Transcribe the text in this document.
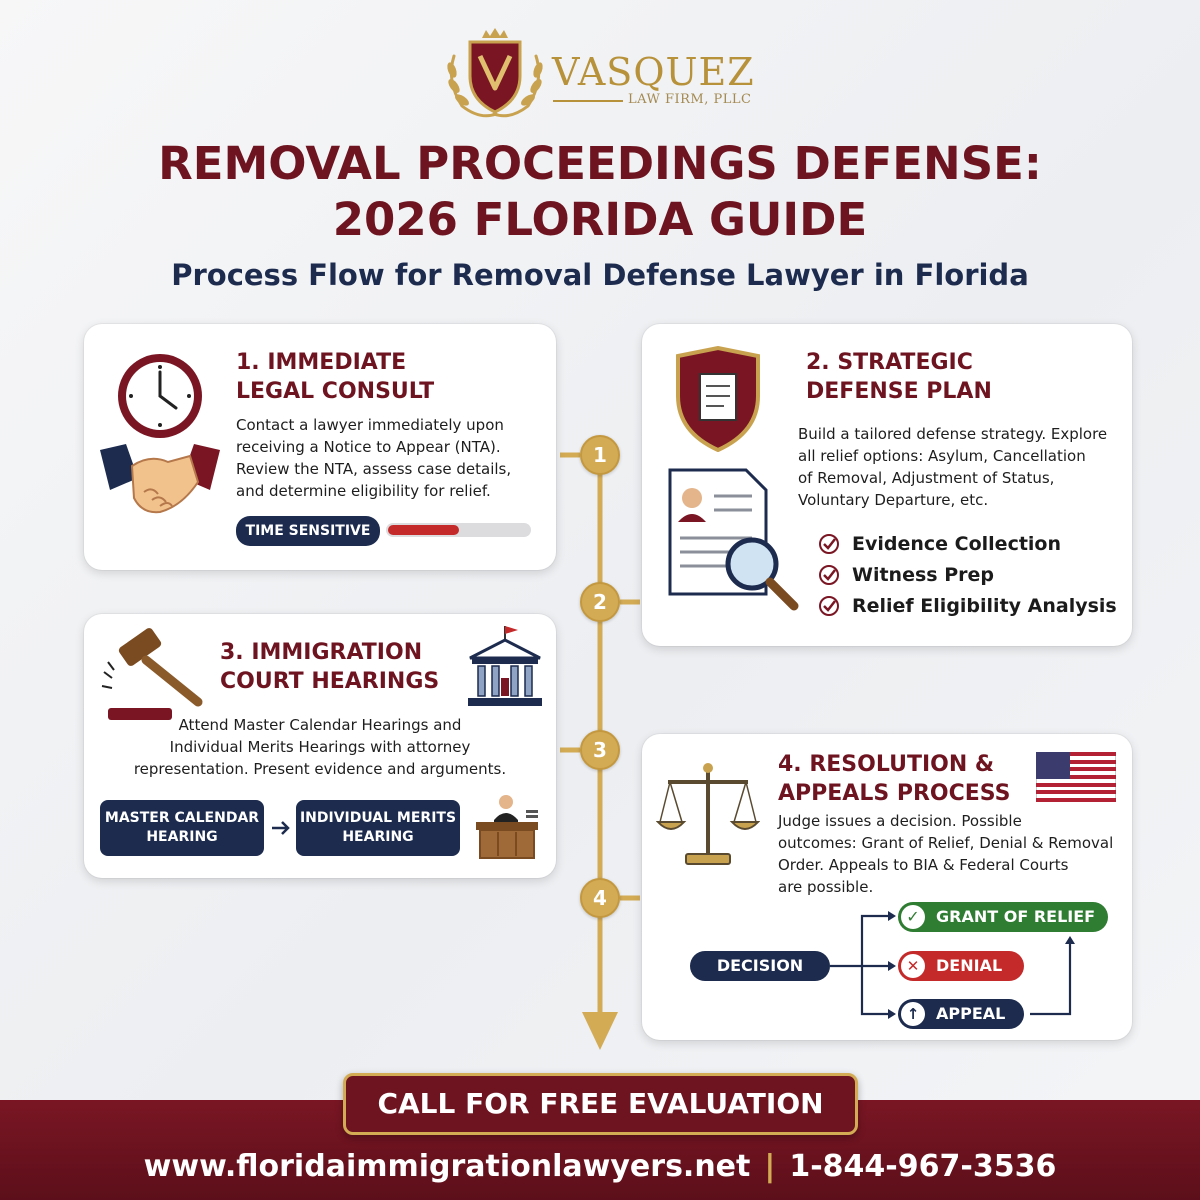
VASQUEZ
LAW FIRM, PLLC
REMOVAL PROCEEDINGS DEFENSE:
2026 FLORIDA GUIDE
Process Flow for Removal Defense Lawyer in Florida
1
2
3
4
1. IMMEDIATE
LEGAL CONSULT
Contact a lawyer immediately upon
receiving a Notice to Appear (NTA).
Review the NTA, assess case details,
and determine eligibility for relief.
TIME SENSITIVE
2. STRATEGIC
DEFENSE PLAN
Build a tailored defense strategy. Explore
all relief options: Asylum, Cancellation
of Removal, Adjustment of Status,
Voluntary Departure, etc.
Evidence Collection
Witness Prep
Relief Eligibility Analysis
3. IMMIGRATION
COURT HEARINGS
Attend Master Calendar Hearings and
Individual Merits Hearings with attorney
representation. Present evidence and arguments.
MASTER CALENDAR
HEARING
INDIVIDUAL MERITS
HEARING
4. RESOLUTION &
APPEALS PROCESS
Judge issues a decision. Possible
outcomes: Grant of Relief, Denial & Removal
Order. Appeals to BIA & Federal Courts
are possible.
DECISION
✓	GRANT OF RELIEF
✕	DENIAL
↑	APPEAL
CALL FOR FREE EVALUATION
www.floridaimmigrationlawyers.net | 1-844-967-3536
